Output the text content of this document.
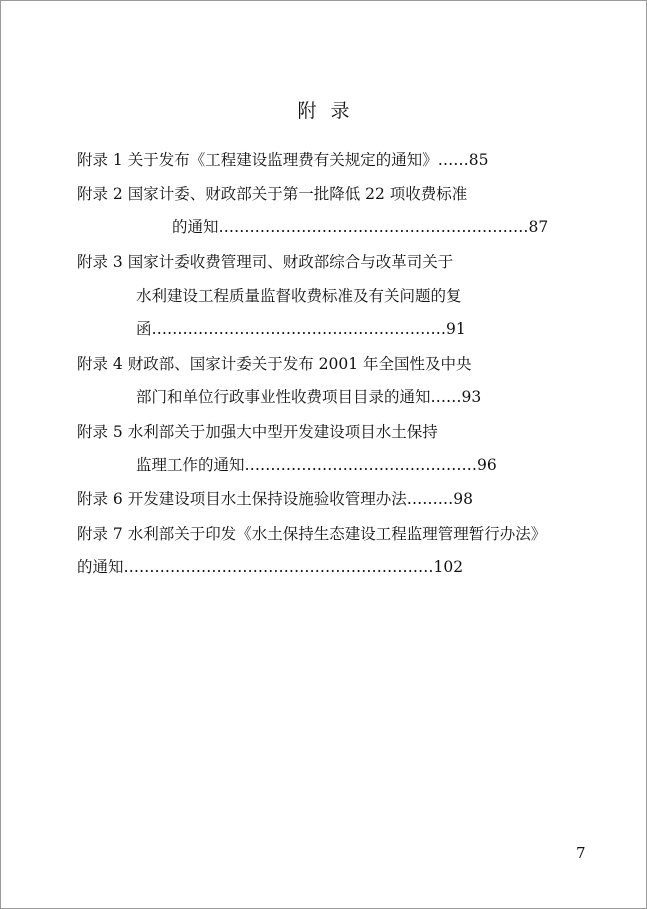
附录
附录 1 关于发布《工程建设监理费有关规定的通知》……85
附录 2 国家计委、财政部关于第一批降低 22 项收费标准
的通知……………………………………………………87
附录 3 国家计委收费管理司、财政部综合与改革司关于
水利建设工程质量监督收费标准及有关问题的复
函…………………………………………………91
附录 4 财政部、国家计委关于发布 2001 年全国性及中央
部门和单位行政事业性收费项目目录的通知……93
附录 5 水利部关于加强大中型开发建设项目水土保持
监理工作的通知………………………………………96
附录 6 开发建设项目水土保持设施验收管理办法………98
附录 7 水利部关于印发《水土保持生态建设工程监理管理暂行办法》
的通知……………………………………………………102
7
